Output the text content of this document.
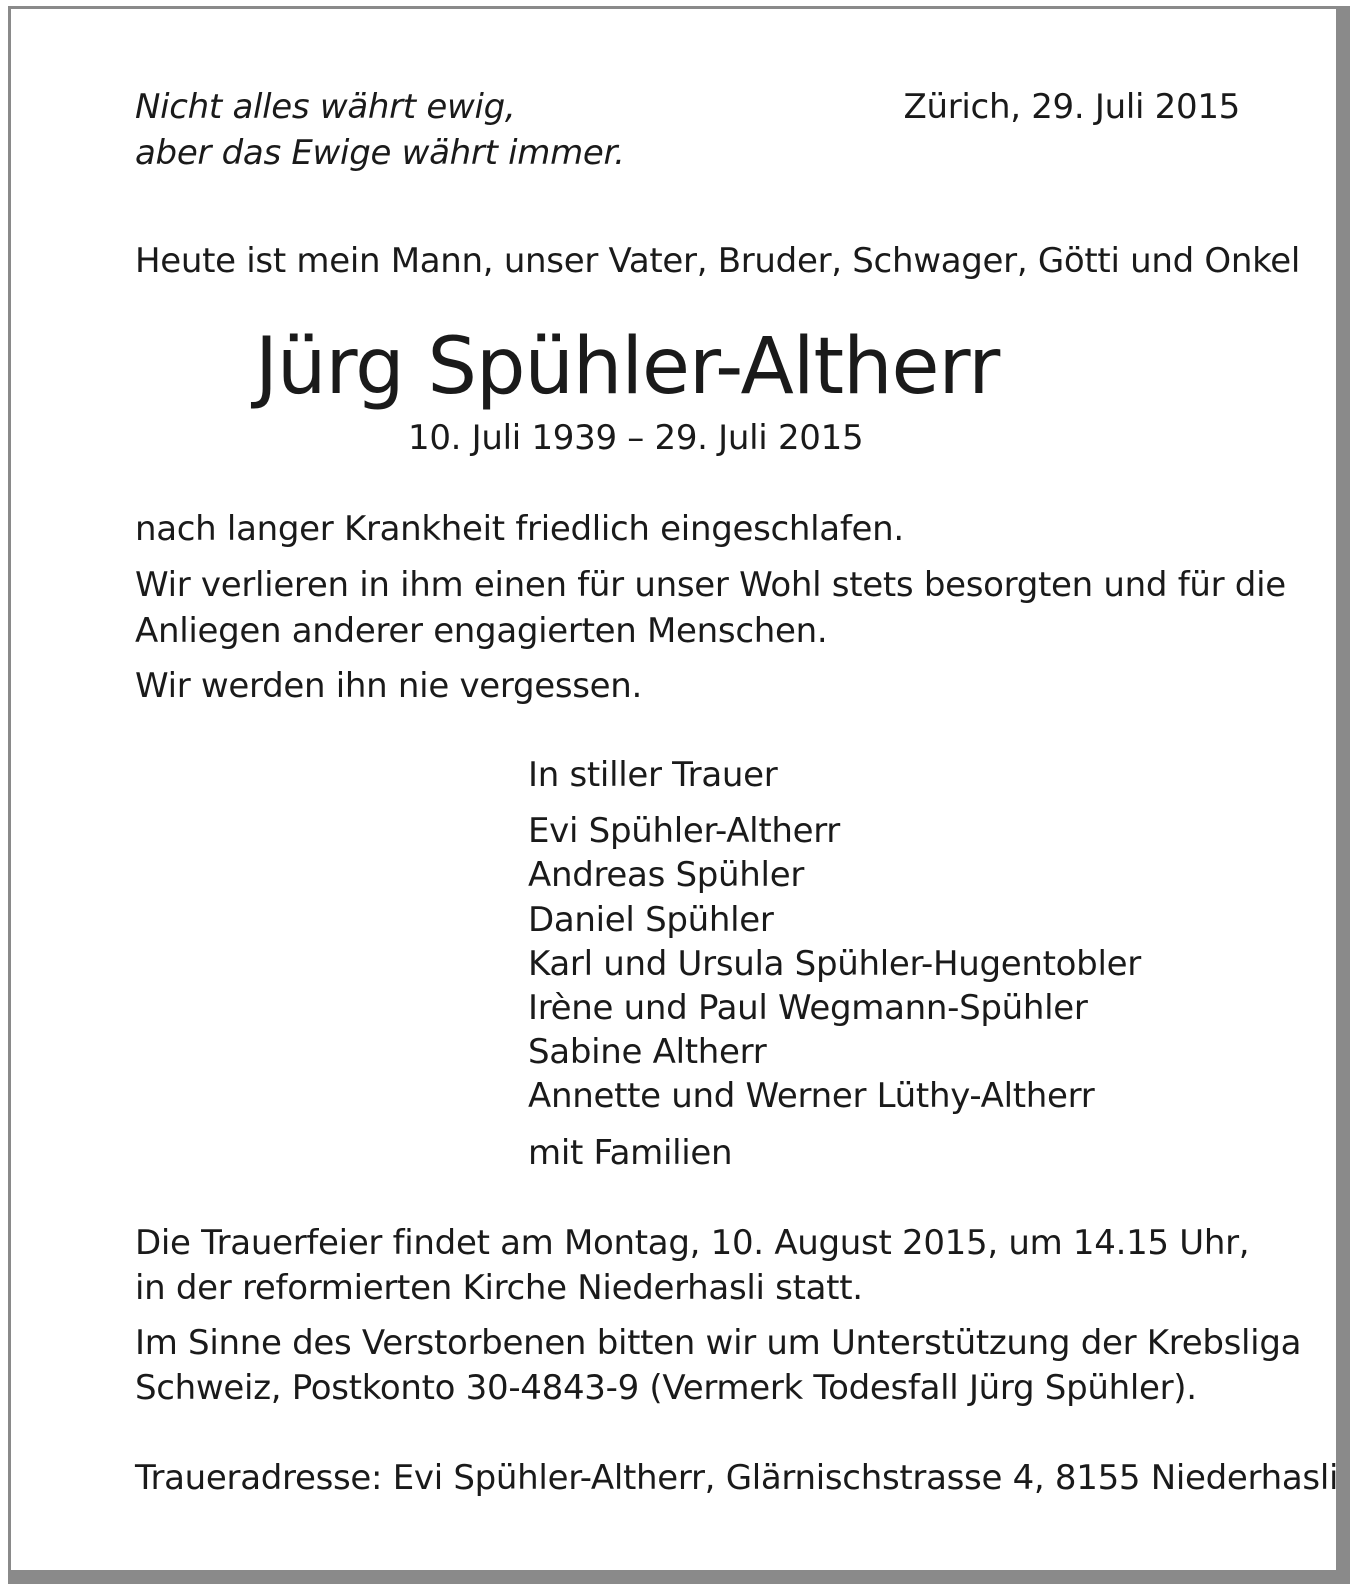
Nicht alles währt ewig,
aber das Ewige währt immer.
Zürich, 29. Juli 2015
Heute ist mein Mann, unser Vater, Bruder, Schwager, Götti und Onkel
Jürg Spühler-Altherr
10. Juli 1939 – 29. Juli 2015
nach langer Krankheit friedlich eingeschlafen.
Wir verlieren in ihm einen für unser Wohl stets besorgten und für die
Anliegen anderer engagierten Menschen.
Wir werden ihn nie vergessen.
In stiller Trauer
Evi Spühler-Altherr
Andreas Spühler
Daniel Spühler
Karl und Ursula Spühler-Hugentobler
Irène und Paul Wegmann-Spühler
Sabine Altherr
Annette und Werner Lüthy-Altherr
mit Familien
Die Trauerfeier findet am Montag, 10. August 2015, um 14.15 Uhr,
in der reformierten Kirche Niederhasli statt.
Im Sinne des Verstorbenen bitten wir um Unterstützung der Krebsliga
Schweiz, Postkonto 30-4843-9 (Vermerk Todesfall Jürg Spühler).
Traueradresse: Evi Spühler-Altherr, Glärnischstrasse 4, 8155 Niederhasli
